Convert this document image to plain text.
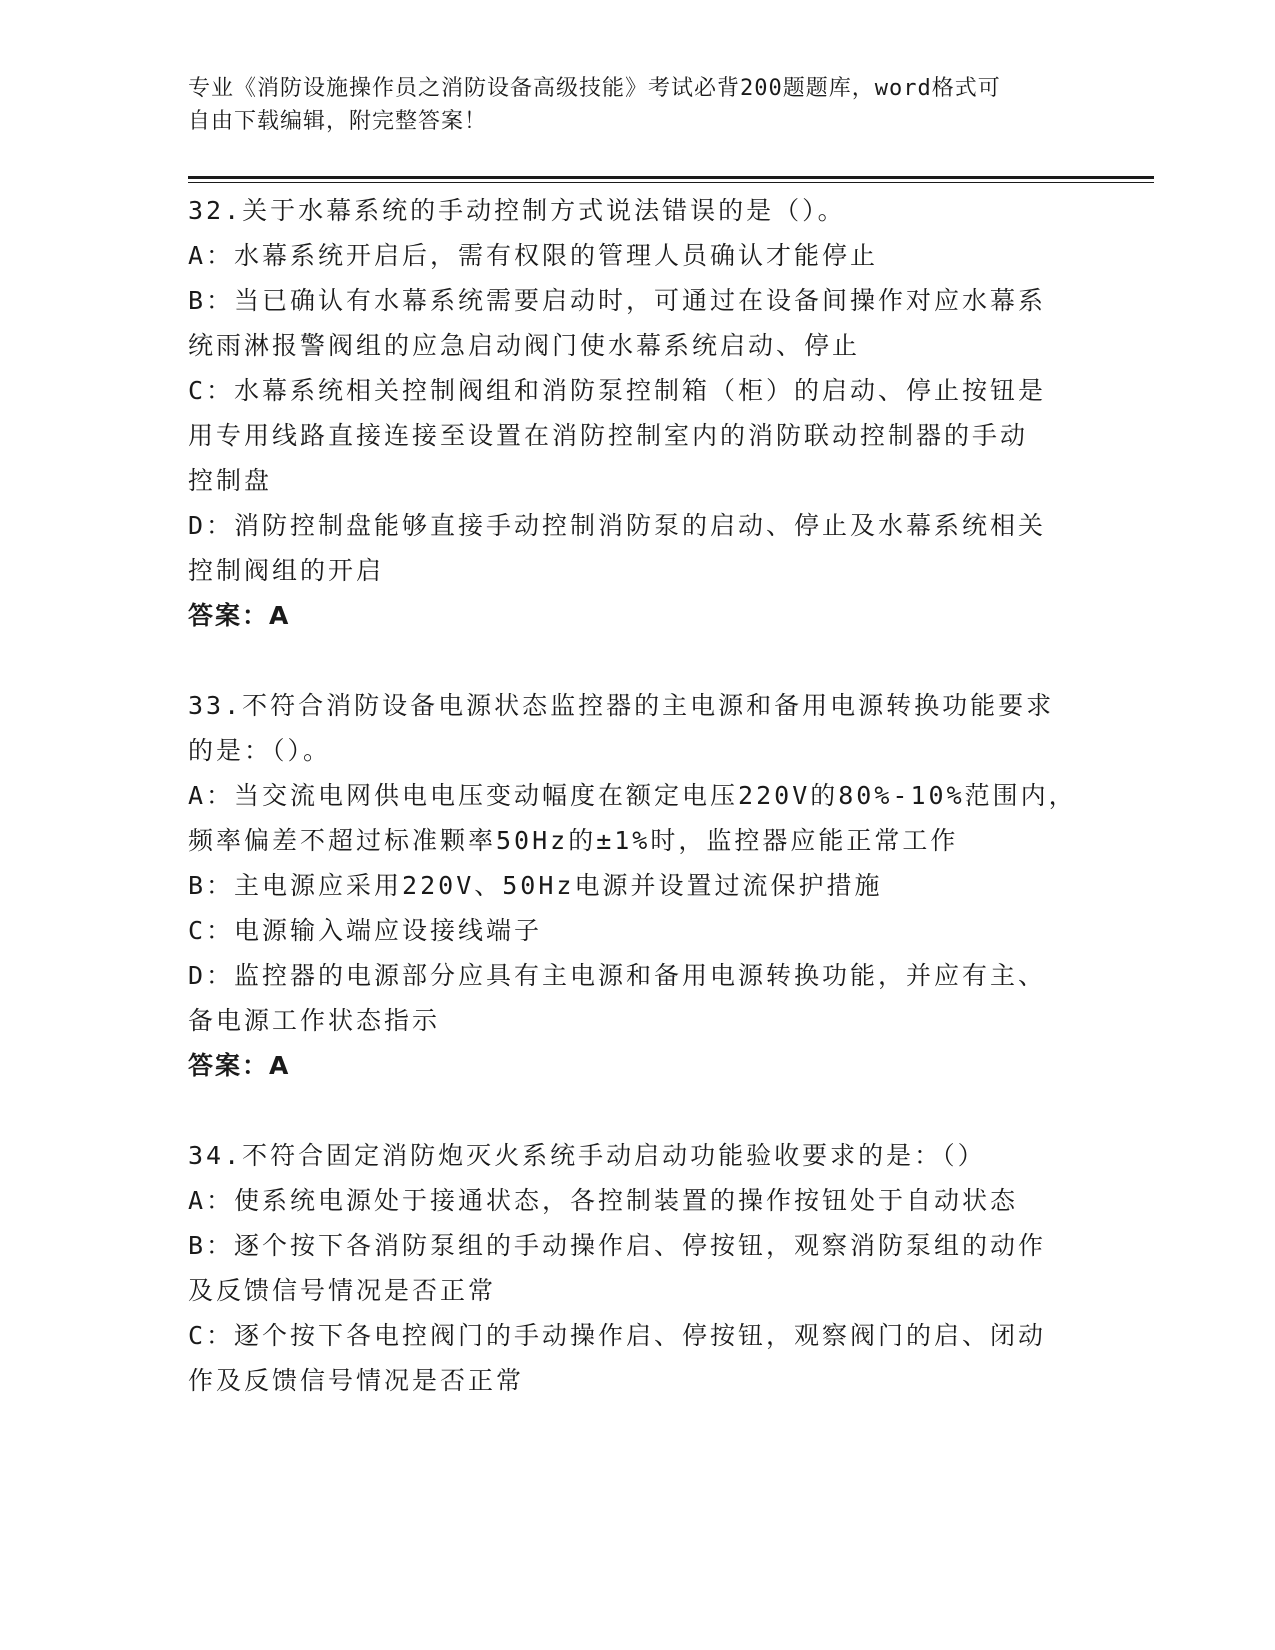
专业《消防设施操作员之消防设备高级技能》考试必背200题题库，word格式可
自由下载编辑，附完整答案！
32.关于水幕系统的手动控制方式说法错误的是（）。
A：水幕系统开启后，需有权限的管理人员确认才能停止
B：当已确认有水幕系统需要启动时，可通过在设备间操作对应水幕系
统雨淋报警阀组的应急启动阀门使水幕系统启动、停止
C：水幕系统相关控制阀组和消防泵控制箱（柜）的启动、停止按钮是
用专用线路直接连接至设置在消防控制室内的消防联动控制器的手动
控制盘
D：消防控制盘能够直接手动控制消防泵的启动、停止及水幕系统相关
控制阀组的开启
答案：A
33.不符合消防设备电源状态监控器的主电源和备用电源转换功能要求
的是：（）。
A：当交流电网供电电压变动幅度在额定电压220V的80%-10%范围内，
频率偏差不超过标准颗率50Hz的±1%时，监控器应能正常工作
B：主电源应采用220V、50Hz电源并设置过流保护措施
C：电源输入端应设接线端子
D：监控器的电源部分应具有主电源和备用电源转换功能，并应有主、
备电源工作状态指示
答案：A
34.不符合固定消防炮灭火系统手动启动功能验收要求的是：（）
A：使系统电源处于接通状态，各控制装置的操作按钮处于自动状态
B：逐个按下各消防泵组的手动操作启、停按钮，观察消防泵组的动作
及反馈信号情况是否正常
C：逐个按下各电控阀门的手动操作启、停按钮，观察阀门的启、闭动
作及反馈信号情况是否正常
